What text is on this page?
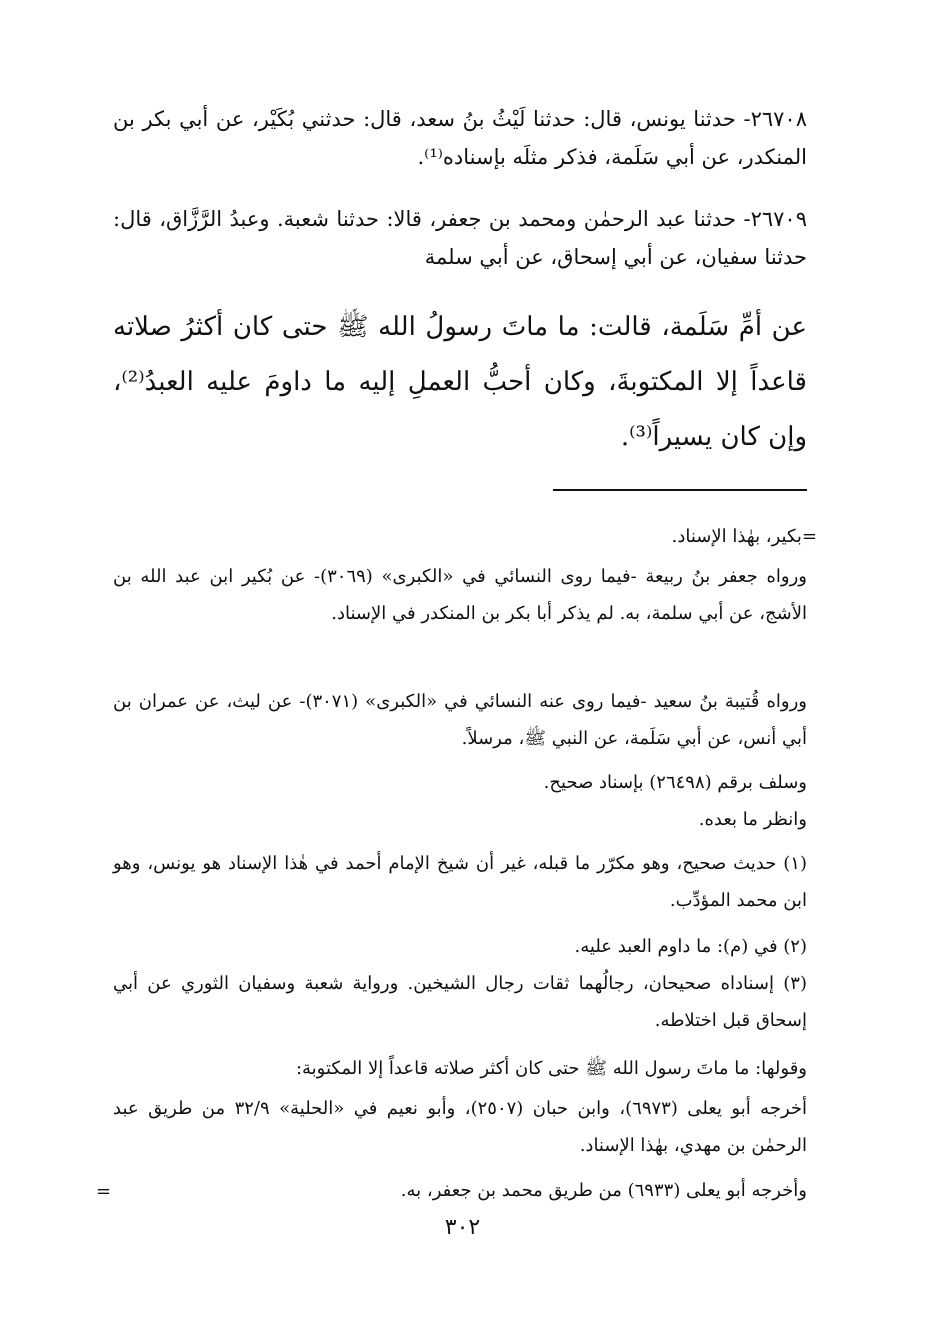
٢٦٧٠٨- حدثنا يونس، قال: حدثنا لَيْثُ بنُ سعد، قال: حدثني بُكَيْر، عن أبي بكر بن المنكدر، عن أبي سَلَمة، فذكر مثلَه بإسناده⁽¹⁾.

٢٦٧٠٩- حدثنا عبد الرحمٰن ومحمد بن جعفر، قالا: حدثنا شعبة. وعبدُ الرَّزَّاق، قال: حدثنا سفيان، عن أبي إسحاق، عن أبي سلمة

عن أمِّ سَلَمة، قالت: ما ماتَ رسولُ الله ﷺ حتى كان أكثرُ صلاته قاعداً إلا المكتوبةَ، وكان أحبُّ العملِ إليه ما داومَ عليه العبدُ⁽²⁾، وإن كان يسيراً⁽³⁾.

=بكير، بهٰذا الإسناد.

ورواه جعفر بنُ ربيعة -فيما روى النسائي في «الكبرى» (٣٠٦٩)- عن بُكير ابن عبد الله بن الأشج، عن أبي سلمة، به. لم يذكر أبا بكر بن المنكدر في الإسناد.

ورواه قُتيبة بنُ سعيد -فيما روى عنه النسائي في «الكبرى» (٣٠٧١)- عن ليث، عن عمران بن أبي أنس، عن أبي سَلَمة، عن النبي ﷺ، مرسلاً.

وسلف برقم (٢٦٤٩٨) بإسناد صحيح.

وانظر ما بعده.

(١) حديث صحيح، وهو مكرّر ما قبله، غير أن شيخ الإمام أحمد في هٰذا الإسناد هو يونس، وهو ابن محمد المؤدِّب.

(٢) في (م): ما داوم العبد عليه.

(٣) إسناداه صحيحان، رجالُهما ثقات رجال الشيخين. ورواية شعبة وسفيان الثوري عن أبي إسحاق قبل اختلاطه.

وقولها: ما ماتَ رسول الله ﷺ حتى كان أكثر صلاته قاعداً إلا المكتوبة:

أخرجه أبو يعلى (٦٩٧٣)، وابن حبان (٢٥٠٧)، وأبو نعيم في «الحلية» ٣٢/٩ من طريق عبد الرحمٰن بن مهدي، بهٰذا الإسناد.

وأخرجه أبو يعلى (٦٩٣٣) من طريق محمد بن جعفر، به.

=
٣٠٢
